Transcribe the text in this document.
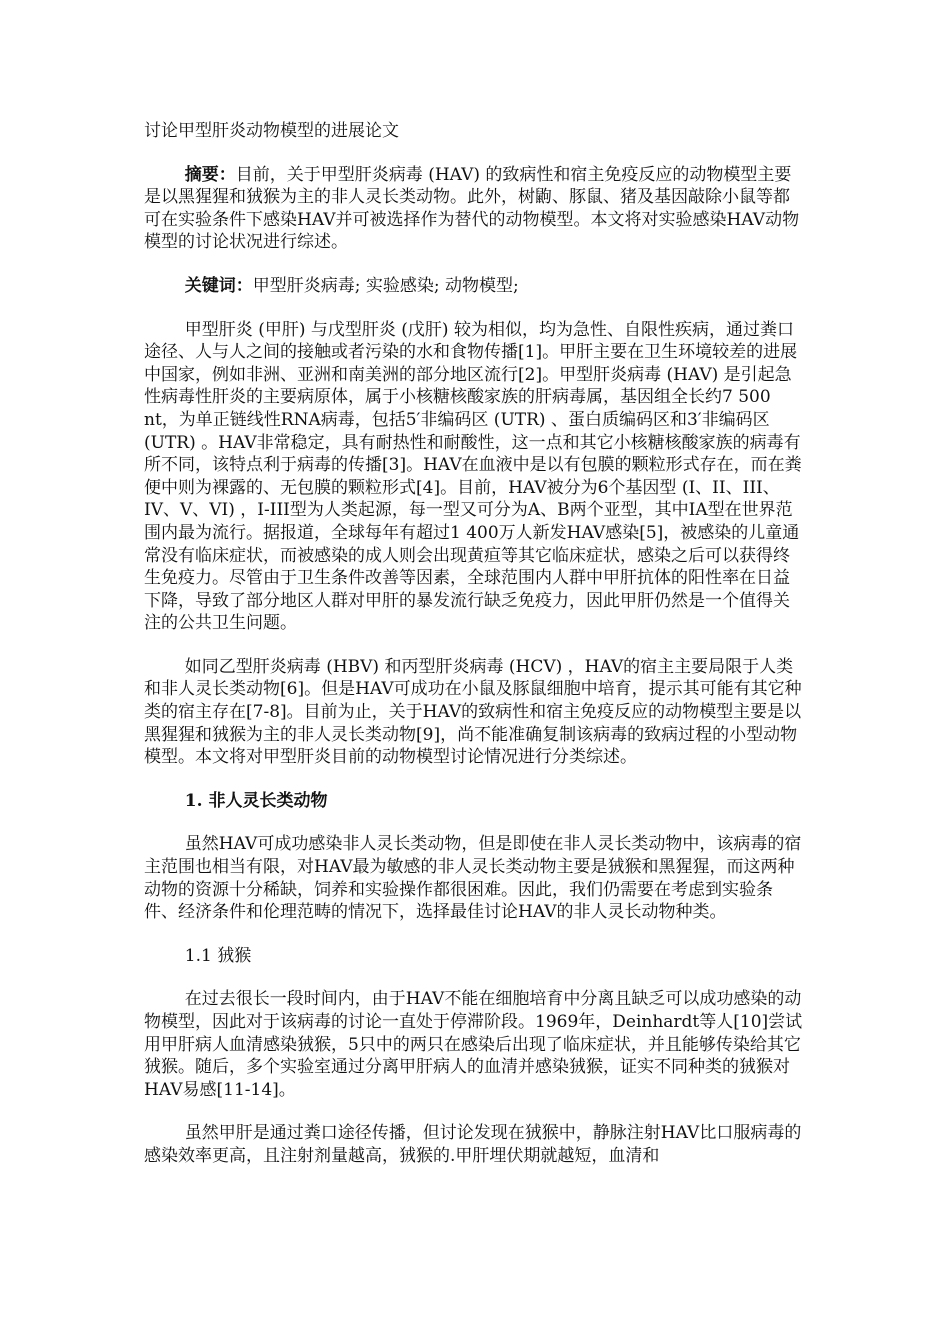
讨论甲型肝炎动物模型的进展论文

摘要：目前，关于甲型肝炎病毒 (HAV) 的致病性和宿主免疫反应的动物模型主要是以黑猩猩和狨猴为主的非人灵长类动物。此外，树鼩、豚鼠、猪及基因敲除小鼠等都可在实验条件下感染HAV并可被选择作为替代的动物模型。本文将对实验感染HAV动物模型的讨论状况进行综述。

关键词：甲型肝炎病毒; 实验感染; 动物模型;

甲型肝炎 (甲肝) 与戊型肝炎 (戊肝) 较为相似，均为急性、自限性疾病，通过粪口途径、人与人之间的接触或者污染的水和食物传播[1]。甲肝主要在卫生环境较差的进展中国家，例如非洲、亚洲和南美洲的部分地区流行[2]。甲型肝炎病毒 (HAV) 是引起急性病毒性肝炎的主要病原体，属于小核糖核酸家族的肝病毒属，基因组全长约7 500 nt，为单正链线性RNA病毒，包括5′非编码区 (UTR) 、蛋白质编码区和3′非编码区 (UTR) 。HAV非常稳定，具有耐热性和耐酸性，这一点和其它小核糖核酸家族的病毒有所不同，该特点利于病毒的传播[3]。HAV在血液中是以有包膜的颗粒形式存在，而在粪便中则为裸露的、无包膜的颗粒形式[4]。目前，HAV被分为6个基因型 (I、II、III、IV、V、VI) ，I-III型为人类起源，每一型又可分为A、B两个亚型，其中IA型在世界范围内最为流行。据报道，全球每年有超过1 400万人新发HAV感染[5]，被感染的儿童通常没有临床症状，而被感染的成人则会出现黄疸等其它临床症状，感染之后可以获得终生免疫力。尽管由于卫生条件改善等因素，全球范围内人群中甲肝抗体的阳性率在日益下降，导致了部分地区人群对甲肝的暴发流行缺乏免疫力，因此甲肝仍然是一个值得关注的公共卫生问题。

如同乙型肝炎病毒 (HBV) 和丙型肝炎病毒 (HCV) ，HAV的宿主主要局限于人类和非人灵长类动物[6]。但是HAV可成功在小鼠及豚鼠细胞中培育，提示其可能有其它种类的宿主存在[7-8]。目前为止，关于HAV的致病性和宿主免疫反应的动物模型主要是以黑猩猩和狨猴为主的非人灵长类动物[9]，尚不能准确复制该病毒的致病过程的小型动物模型。本文将对甲型肝炎目前的动物模型讨论情况进行分类综述。

1. 非人灵长类动物

虽然HAV可成功感染非人灵长类动物，但是即使在非人灵长类动物中，该病毒的宿主范围也相当有限，对HAV最为敏感的非人灵长类动物主要是狨猴和黑猩猩，而这两种动物的资源十分稀缺，饲养和实验操作都很困难。因此，我们仍需要在考虑到实验条件、经济条件和伦理范畴的情况下，选择最佳讨论HAV的非人灵长动物种类。

1.1 狨猴

在过去很长一段时间内，由于HAV不能在细胞培育中分离且缺乏可以成功感染的动物模型，因此对于该病毒的讨论一直处于停滞阶段。1969年，Deinhardt等人[10]尝试用甲肝病人血清感染狨猴，5只中的两只在感染后出现了临床症状，并且能够传染给其它狨猴。随后，多个实验室通过分离甲肝病人的血清并感染狨猴，证实不同种类的狨猴对HAV易感[11-14]。

虽然甲肝是通过粪口途径传播，但讨论发现在狨猴中，静脉注射HAV比口服病毒的感染效率更高，且注射剂量越高，狨猴的.甲肝埋伏期就越短，血清和
